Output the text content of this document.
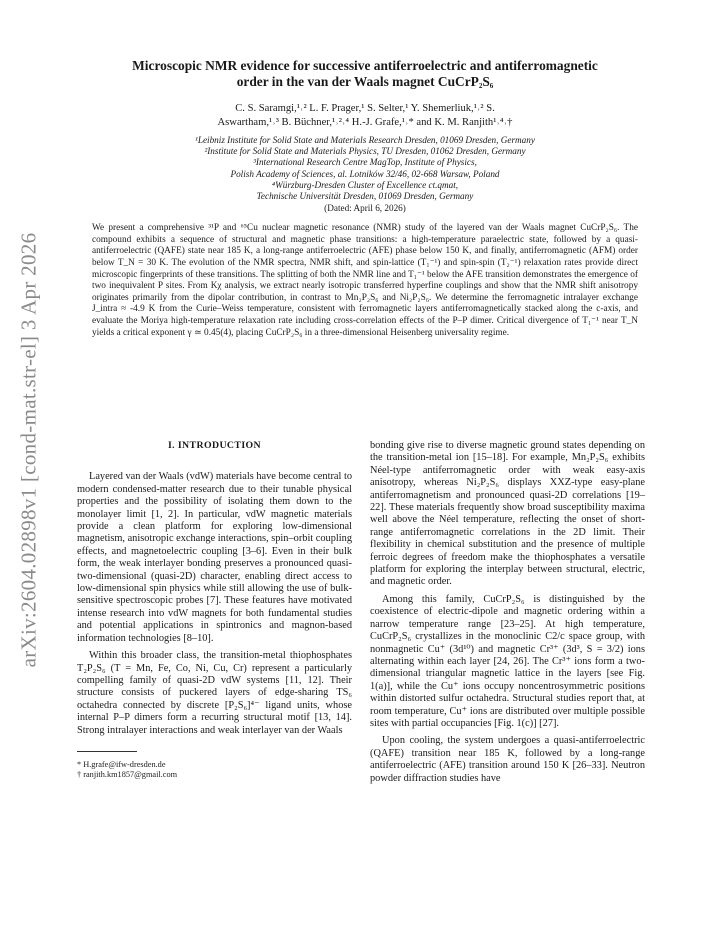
arXiv:2604.02898v1 [cond-mat.str-el] 3 Apr 2026
Microscopic NMR evidence for successive antiferroelectric and antiferromagnetic
order in the van der Waals magnet $CuCrP_2S_6$
C. S. Saramgi,¹˒² L. F. Prager,¹ S. Selter,¹ Y. Shemerliuk,¹˒² S.
Aswartham,¹˒³ B. Büchner,¹˒²˒⁴ H.-J. Grafe,¹˒* and K. M. Ranjith¹˒⁴˒†
¹Leibniz Institute for Solid State and Materials Research Dresden, 01069 Dresden, Germany
²Institute for Solid State and Materials Physics, TU Dresden, 01062 Dresden, Germany
³International Research Centre MagTop, Institute of Physics,
Polish Academy of Sciences, al. Lotników 32/46, 02-668 Warsaw, Poland
⁴Würzburg-Dresden Cluster of Excellence ct.qmat,
Technische Universität Dresden, 01069 Dresden, Germany
(Dated: April 6, 2026)
We present a comprehensive ³¹P and ⁶⁵Cu nuclear magnetic resonance (NMR) study of the layered van der Waals magnet CuCrP₂S₆. The compound exhibits a sequence of structural and magnetic phase transitions: a high-temperature paraelectric state, followed by a quasi-antiferroelectric (QAFE) state near 185 K, a long-range antiferroelectric (AFE) phase below 150 K, and finally, antiferromagnetic (AFM) order below T_N = 30 K. The evolution of the NMR spectra, NMR shift, and spin-lattice (T₁⁻¹) and spin-spin (T₂⁻¹) relaxation rates provide direct microscopic fingerprints of these transitions. The splitting of both the NMR line and T₁⁻¹ below the AFE transition demonstrates the emergence of two inequivalent P sites. From Kχ analysis, we extract nearly isotropic transferred hyperfine couplings and show that the NMR shift anisotropy originates primarily from the dipolar contribution, in contrast to Mn₂P₂S₆ and Ni₂P₂S₆. We determine the ferromagnetic intralayer exchange J_intra ≈ -4.9 K from the Curie–Weiss temperature, consistent with ferromagnetic layers antiferromagnetically stacked along the c-axis, and evaluate the Moriya high-temperature relaxation rate including cross-correlation effects of the P–P dimer. Critical divergence of T₁⁻¹ near T_N yields a critical exponent γ ≃ 0.45(4), placing CuCrP₂S₆ in a three-dimensional Heisenberg universality regime.
I. INTRODUCTION

Layered van der Waals (vdW) materials have become central to modern condensed-matter research due to their tunable physical properties and the possibility of isolating them down to the monolayer limit [1, 2]. In particular, vdW magnetic materials provide a clean platform for exploring low-dimensional magnetism, anisotropic exchange interactions, spin–orbit coupling effects, and magnetoelectric coupling [3–6]. Even in their bulk form, the weak interlayer bonding preserves a pronounced quasi-two-dimensional (quasi-2D) character, enabling direct access to low-dimensional spin physics while still allowing the use of bulk-sensitive spectroscopic probes [7]. These features have motivated intense research into vdW magnets for both fundamental studies and potential applications in spintronics and magnon-based information technologies [8–10].

Within this broader class, the transition-metal thiophosphates T₂P₂S₆ (T = Mn, Fe, Co, Ni, Cu, Cr) represent a particularly compelling family of quasi-2D vdW systems [11, 12]. Their structure consists of puckered layers of edge-sharing TS₆ octahedra connected by discrete [P₂S₆]⁴⁻ ligand units, whose internal P–P dimers form a recurring structural motif [13, 14]. Strong intralayer interactions and weak interlayer van der Waals

* H.grafe@ifw-dresden.de
† ranjith.km1857@gmail.com

bonding give rise to diverse magnetic ground states depending on the transition-metal ion [15–18]. For example, Mn₂P₂S₆ exhibits Néel-type antiferromagnetic order with weak easy-axis anisotropy, whereas Ni₂P₂S₆ displays XXZ-type easy-plane antiferromagnetism and pronounced quasi-2D correlations [19–22]. These materials frequently show broad susceptibility maxima well above the Néel temperature, reflecting the onset of short-range antiferromagnetic correlations in the 2D limit. Their flexibility in chemical substitution and the presence of multiple ferroic degrees of freedom make the thiophosphates a versatile platform for exploring the interplay between structural, electric, and magnetic order.

Among this family, CuCrP₂S₆ is distinguished by the coexistence of electric-dipole and magnetic ordering within a narrow temperature range [23–25]. At high temperature, CuCrP₂S₆ crystallizes in the monoclinic C2/c space group, with nonmagnetic Cu⁺ (3d¹⁰) and magnetic Cr³⁺ (3d³, S = 3/2) ions alternating within each layer [24, 26]. The Cr³⁺ ions form a two-dimensional triangular magnetic lattice in the layers [see Fig. 1(a)], while the Cu⁺ ions occupy noncentrosymmetric positions within distorted sulfur octahedra. Structural studies report that, at room temperature, Cu⁺ ions are distributed over multiple possible sites with partial occupancies [Fig. 1(c)] [27].

Upon cooling, the system undergoes a quasi-antiferroelectric (QAFE) transition near 185 K, followed by a long-range antiferroelectric (AFE) transition around 150 K [26–33]. Neutron powder diffraction studies have
